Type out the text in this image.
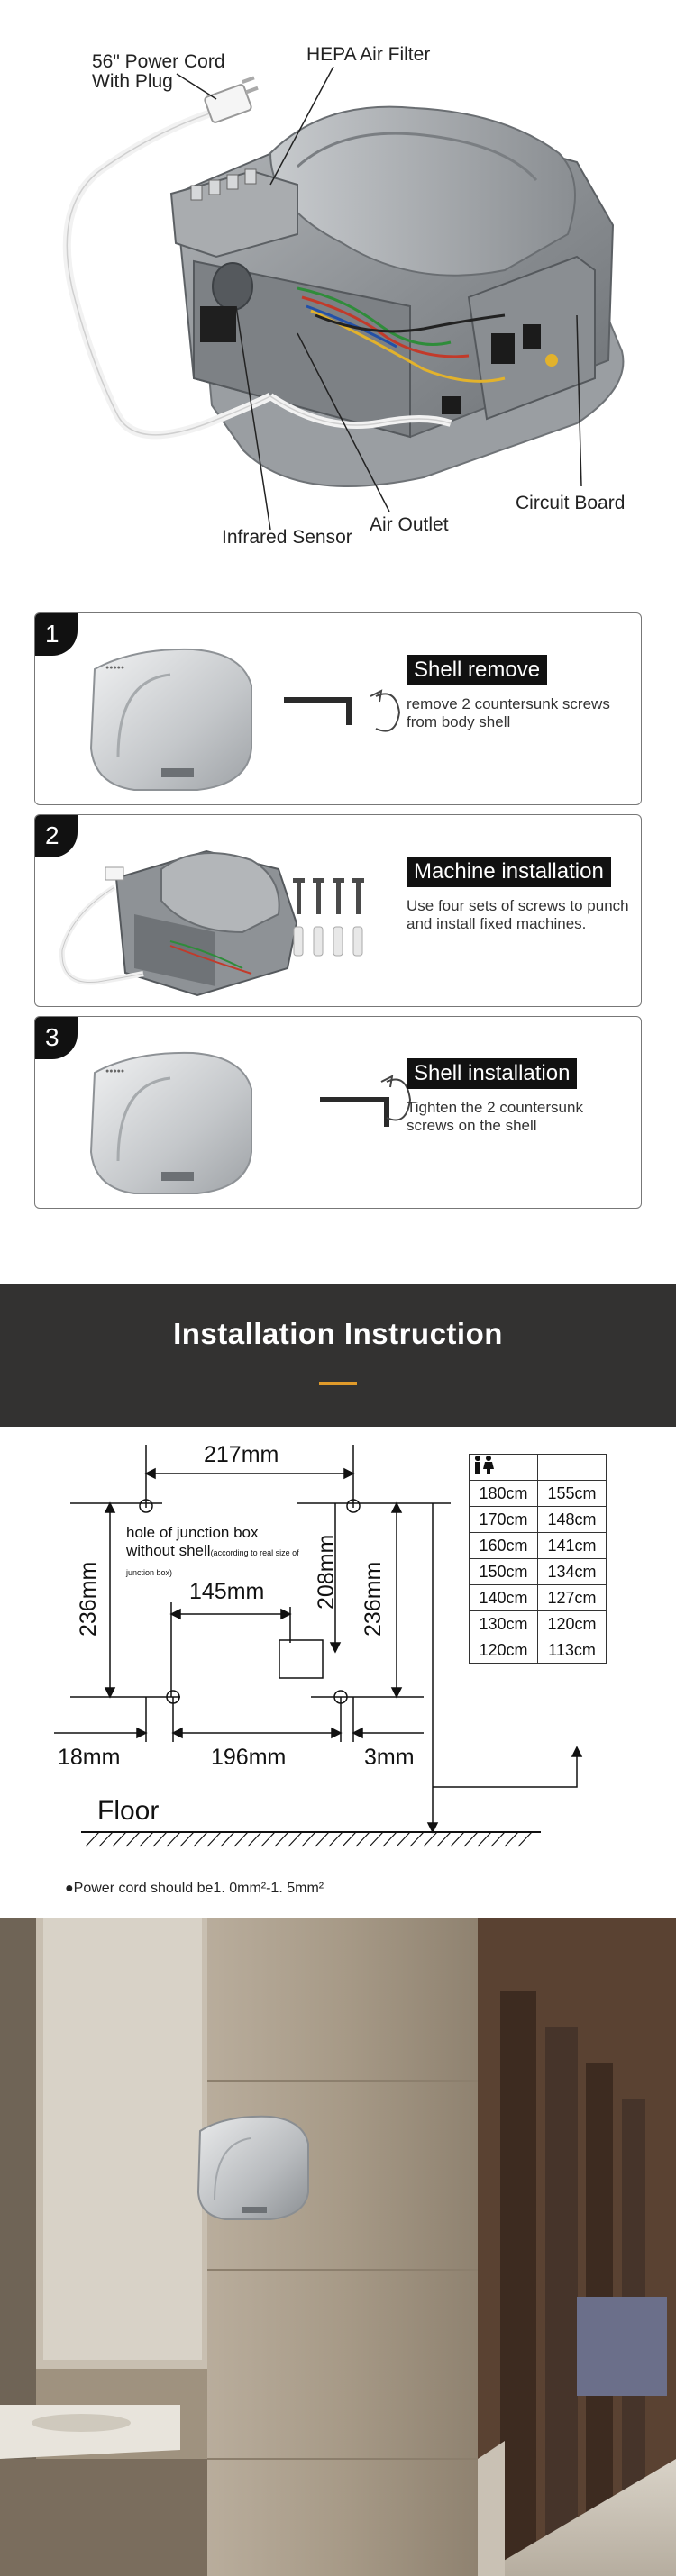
56" Power Cord With Plug
HEPA Air Filter
Circuit Board
Air Outlet
Infrared Sensor
●●●●●
1
Shell remove
remove 2 countersunk screws from body shell
2
Machine installation
Use four sets of screws to punch and install fixed machines.
●●●●●
3
Shell installation
Tighten the 2 countersunk screws on the shell
Installation Instruction
217mm
236mm	236mm
208mm
145mm
hole of junction box
without shell(according to real size of junction box)
18mm	196mm	3mm

180cm	155cm
170cm	148cm
160cm	141cm
150cm	134cm
140cm	127cm
130cm	120cm
120cm	113cm
Floor
●Power cord should be1. 0mm²-1. 5mm²
